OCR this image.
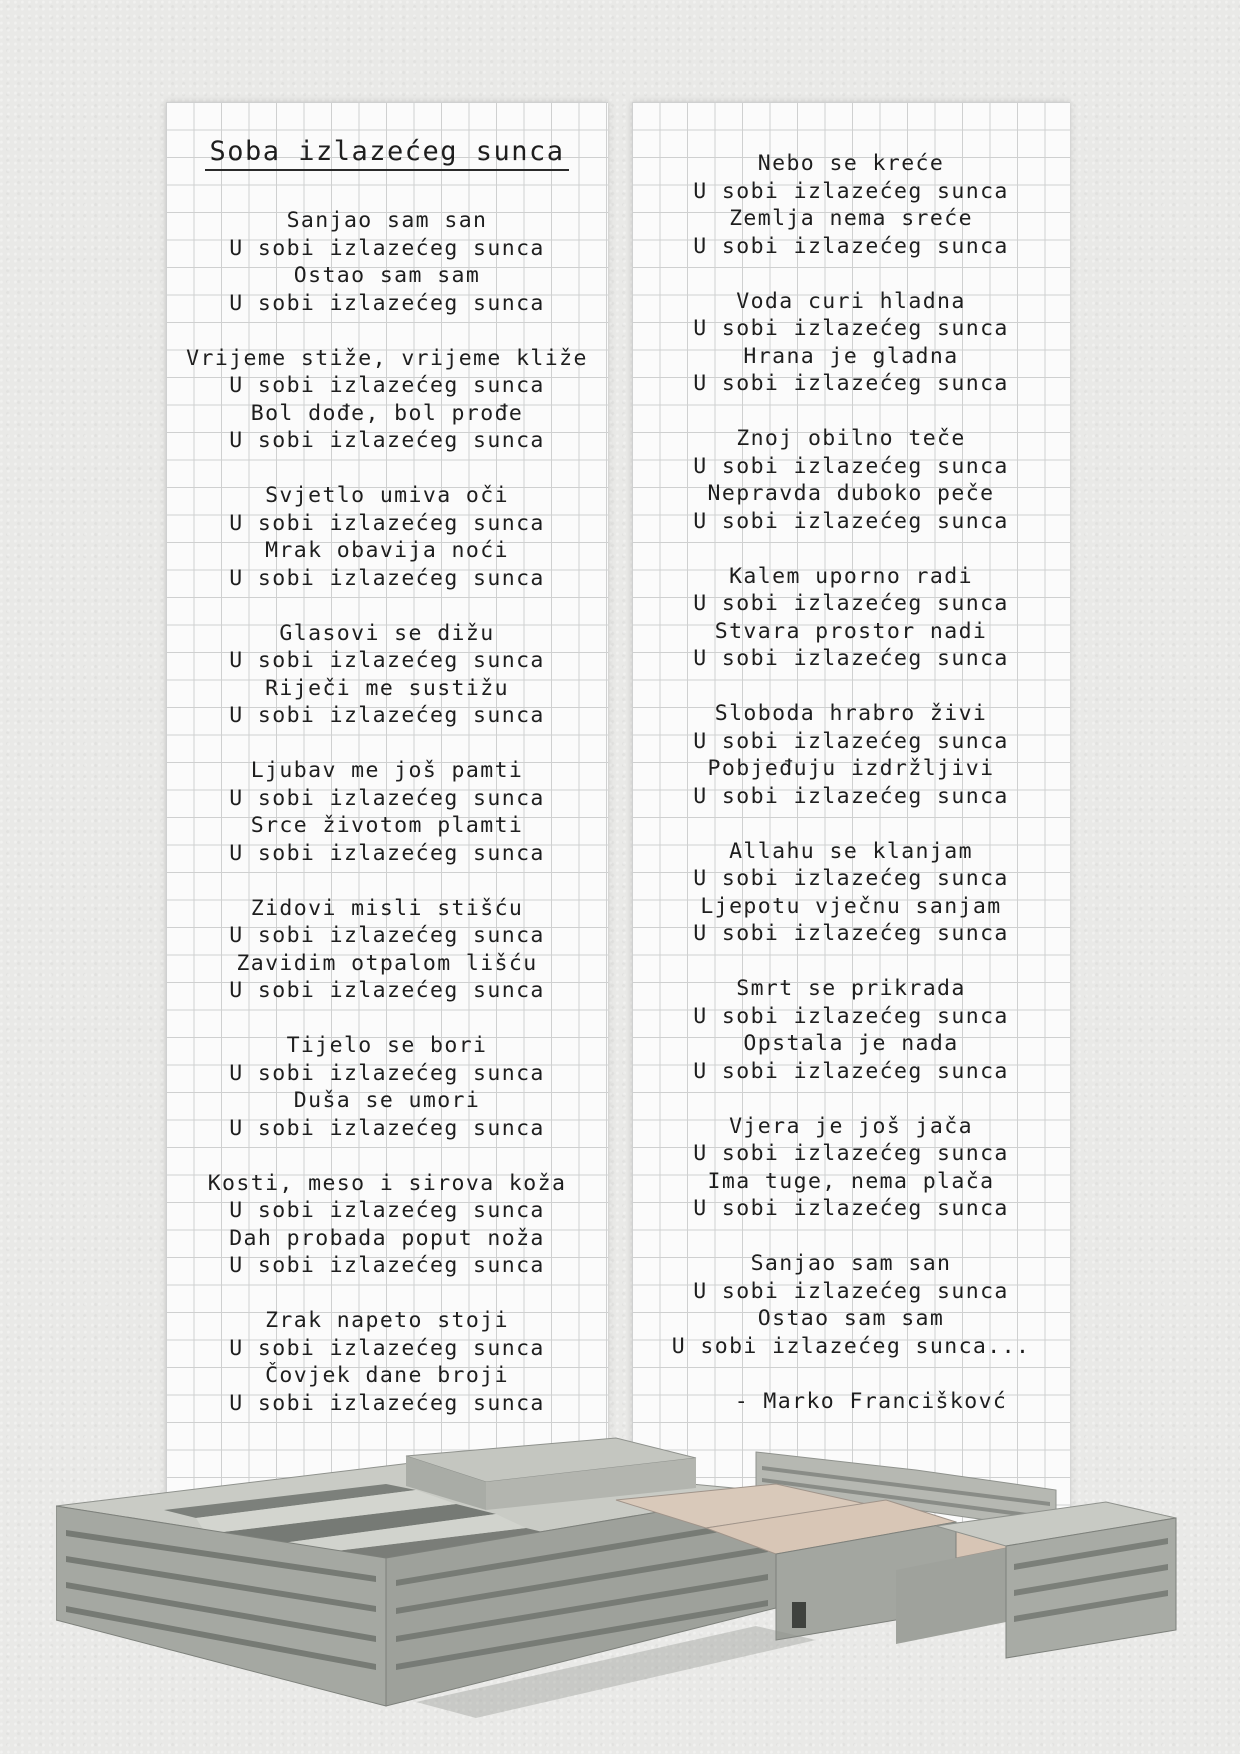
Soba izlazećeg sunca
Sanjao sam san
U sobi izlazećeg sunca
Ostao sam sam
U sobi izlazećeg sunca
Vrijeme stiže, vrijeme kliže
U sobi izlazećeg sunca
Bol dođe, bol prođe
U sobi izlazećeg sunca
Svjetlo umiva oči
U sobi izlazećeg sunca
Mrak obavija noći
U sobi izlazećeg sunca
Glasovi se dižu
U sobi izlazećeg sunca
Riječi me sustižu
U sobi izlazećeg sunca
Ljubav me još pamti
U sobi izlazećeg sunca
Srce životom plamti
U sobi izlazećeg sunca
Zidovi misli stišću
U sobi izlazećeg sunca
Zavidim otpalom lišću
U sobi izlazećeg sunca
Tijelo se bori
U sobi izlazećeg sunca
Duša se umori
U sobi izlazećeg sunca
Kosti, meso i sirova koža
U sobi izlazećeg sunca
Dah probada poput noža
U sobi izlazećeg sunca
Zrak napeto stoji
U sobi izlazećeg sunca
Čovjek dane broji
U sobi izlazećeg sunca
Nebo se kreće
U sobi izlazećeg sunca
Zemlja nema sreće
U sobi izlazećeg sunca
Voda curi hladna
U sobi izlazećeg sunca
Hrana je gladna
U sobi izlazećeg sunca
Znoj obilno teče
U sobi izlazećeg sunca
Nepravda duboko peče
U sobi izlazećeg sunca
Kalem uporno radi
U sobi izlazećeg sunca
Stvara prostor nadi
U sobi izlazećeg sunca
Sloboda hrabro živi
U sobi izlazećeg sunca
Pobjeđuju izdržljivi
U sobi izlazećeg sunca
Allahu se klanjam
U sobi izlazećeg sunca
Ljepotu vječnu sanjam
U sobi izlazećeg sunca
Smrt se prikrada
U sobi izlazećeg sunca
Opstala je nada
U sobi izlazećeg sunca
Vjera je još jača
U sobi izlazećeg sunca
Ima tuge, nema plača
U sobi izlazećeg sunca
Sanjao sam san
U sobi izlazećeg sunca
Ostao sam sam
U sobi izlazećeg sunca...
- Marko Franciškovć
